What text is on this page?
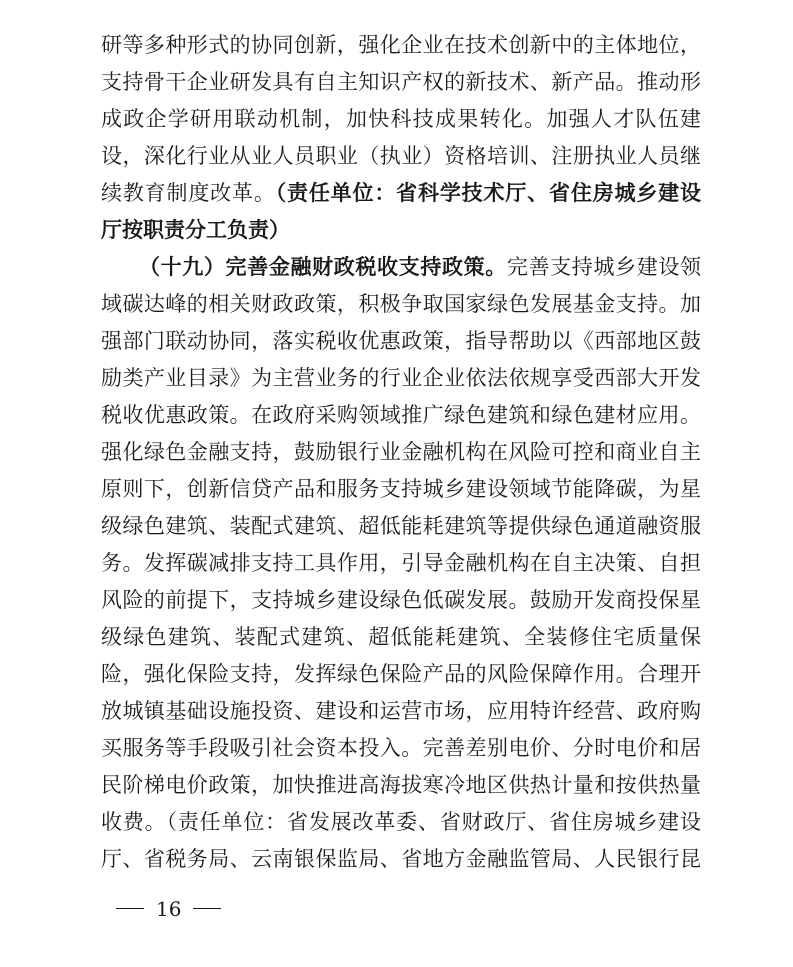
研等多种形式的协同创新，强化企业在技术创新中的主体地位，
支持骨干企业研发具有自主知识产权的新技术、新产品。推动形
成政企学研用联动机制，加快科技成果转化。加强人才队伍建
设，深化行业从业人员职业（执业）资格培训、注册执业人员继
续教育制度改革。（责任单位：省科学技术厅、省住房城乡建设
厅按职责分工负责）
（十九）完善金融财政税收支持政策。完善支持城乡建设领
域碳达峰的相关财政政策，积极争取国家绿色发展基金支持。加
强部门联动协同，落实税收优惠政策，指导帮助以《西部地区鼓
励类产业目录》为主营业务的行业企业依法依规享受西部大开发
税收优惠政策。在政府采购领域推广绿色建筑和绿色建材应用。
强化绿色金融支持，鼓励银行业金融机构在风险可控和商业自主
原则下，创新信贷产品和服务支持城乡建设领域节能降碳，为星
级绿色建筑、装配式建筑、超低能耗建筑等提供绿色通道融资服
务。发挥碳减排支持工具作用，引导金融机构在自主决策、自担
风险的前提下，支持城乡建设绿色低碳发展。鼓励开发商投保星
级绿色建筑、装配式建筑、超低能耗建筑、全装修住宅质量保
险，强化保险支持，发挥绿色保险产品的风险保障作用。合理开
放城镇基础设施投资、建设和运营市场，应用特许经营、政府购
买服务等手段吸引社会资本投入。完善差别电价、分时电价和居
民阶梯电价政策，加快推进高海拔寒冷地区供热计量和按供热量
收费。（责任单位：省发展改革委、省财政厅、省住房城乡建设
厅、省税务局、云南银保监局、省地方金融监管局、人民银行昆
16
